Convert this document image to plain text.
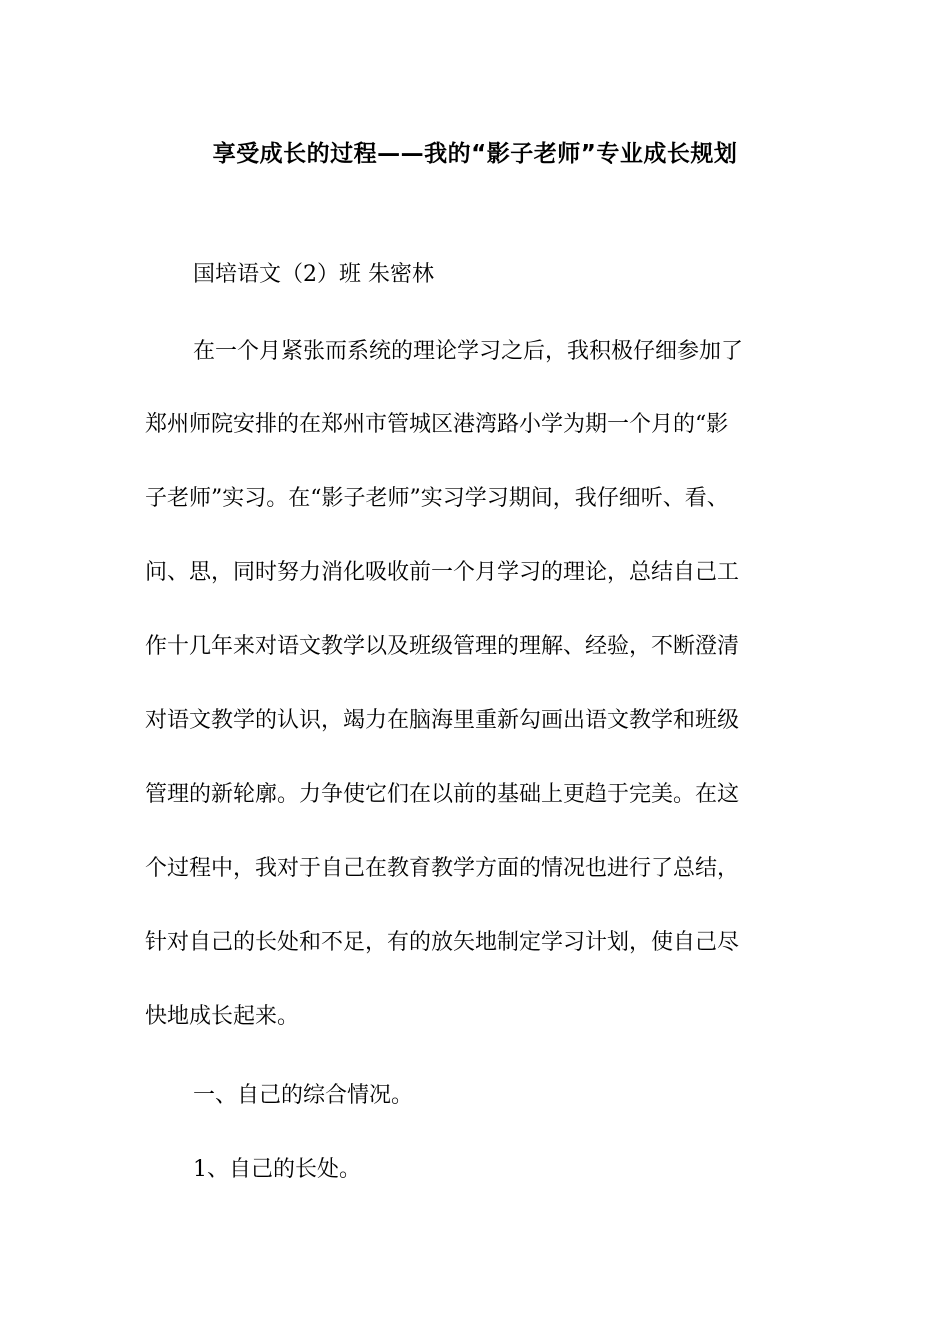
享受成长的过程——我的“影子老师”专业成长规划
国培语文（2）班 朱密林
在一个月紧张而系统的理论学习之后，我积极仔细参加了
郑州师院安排的在郑州市管城区港湾路小学为期一个月的“影
子老师”实习。在“影子老师”实习学习期间，我仔细听、看、
问、思，同时努力消化吸收前一个月学习的理论，总结自己工
作十几年来对语文教学以及班级管理的理解、经验，不断澄清
对语文教学的认识，竭力在脑海里重新勾画出语文教学和班级
管理的新轮廓。力争使它们在以前的基础上更趋于完美。在这
个过程中，我对于自己在教育教学方面的情况也进行了总结，
针对自己的长处和不足，有的放矢地制定学习计划，使自己尽
快地成长起来。
一、自己的综合情况。
1、自己的长处。
